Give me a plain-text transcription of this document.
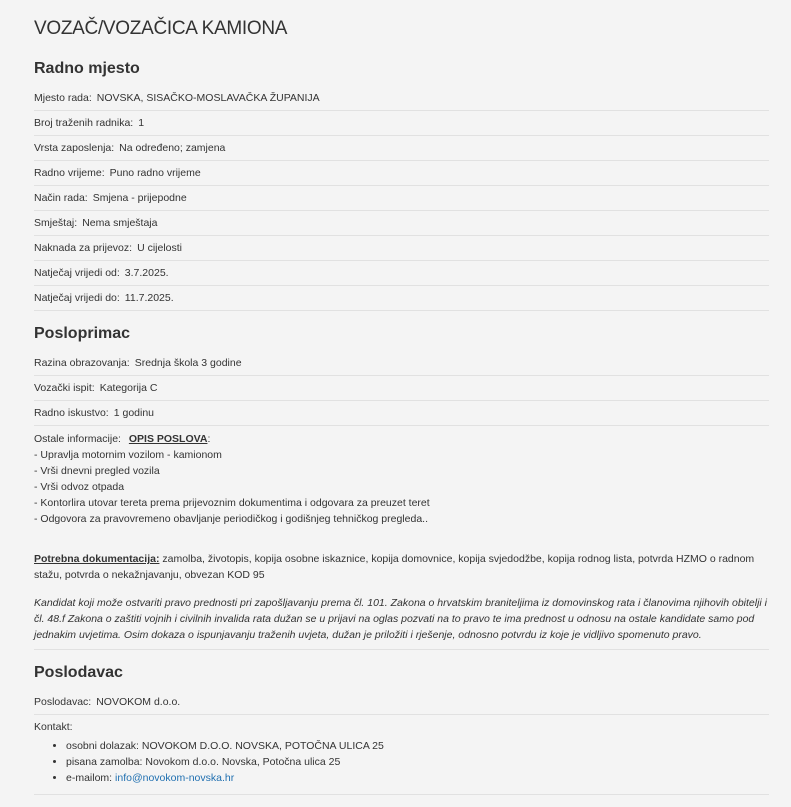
VOZAČ/VOZAČICA KAMIONA
Radno mjesto
Mjesto rada: NOVSKA, SISAČKO-MOSLAVAČKA ŽUPANIJA
Broj traženih radnika: 1
Vrsta zaposlenja: Na određeno; zamjena
Radno vrijeme: Puno radno vrijeme
Način rada: Smjena - prijepodne
Smještaj: Nema smještaja
Naknada za prijevoz: U cijelosti
Natječaj vrijedi od: 3.7.2025.
Natječaj vrijedi do: 11.7.2025.
Posloprimac
Razina obrazovanja: Srednja škola 3 godine
Vozački ispit: Kategorija C
Radno iskustvo: 1 godinu
Ostale informacije: OPIS POSLOVA:
- Upravlja motornim vozilom - kamionom
- Vrši dnevni pregled vozila
- Vrši odvoz otpada
- Kontorlira utovar tereta prema prijevoznim dokumentima i odgovara za preuzet teret
- Odgovora za pravovremeno obavljanje periodičkog i godišnjeg tehničkog pregleda..
Potrebna dokumentacija: zamolba, životopis, kopija osobne iskaznice, kopija domovnice, kopija svjedodžbe, kopija rodnog lista, potvrda HZMO o radnom stažu, potvrda o nekažnjavanju, obvezan KOD 95
Kandidat koji može ostvariti pravo prednosti pri zapošljavanju prema čl. 101. Zakona o hrvatskim braniteljima iz domovinskog rata i članovima njihovih obitelji i čl. 48.f Zakona o zaštiti vojnih i civilnih invalida rata dužan se u prijavi na oglas pozvati na to pravo te ima prednost u odnosu na ostale kandidate samo pod jednakim uvjetima. Osim dokaza o ispunjavanju traženih uvjeta, dužan je priložiti i rješenje, odnosno potvrdu iz koje je vidljivo spomenuto pravo.
Poslodavac
Poslodavac: NOVOKOM d.o.o.
Kontakt:
• osobni dolazak: NOVOKOM D.O.O. NOVSKA, POTOČNA ULICA 25
• pisana zamolba: Novokom d.o.o. Novska, Potočna ulica 25
• e-mailom: info@novokom-novska.hr
